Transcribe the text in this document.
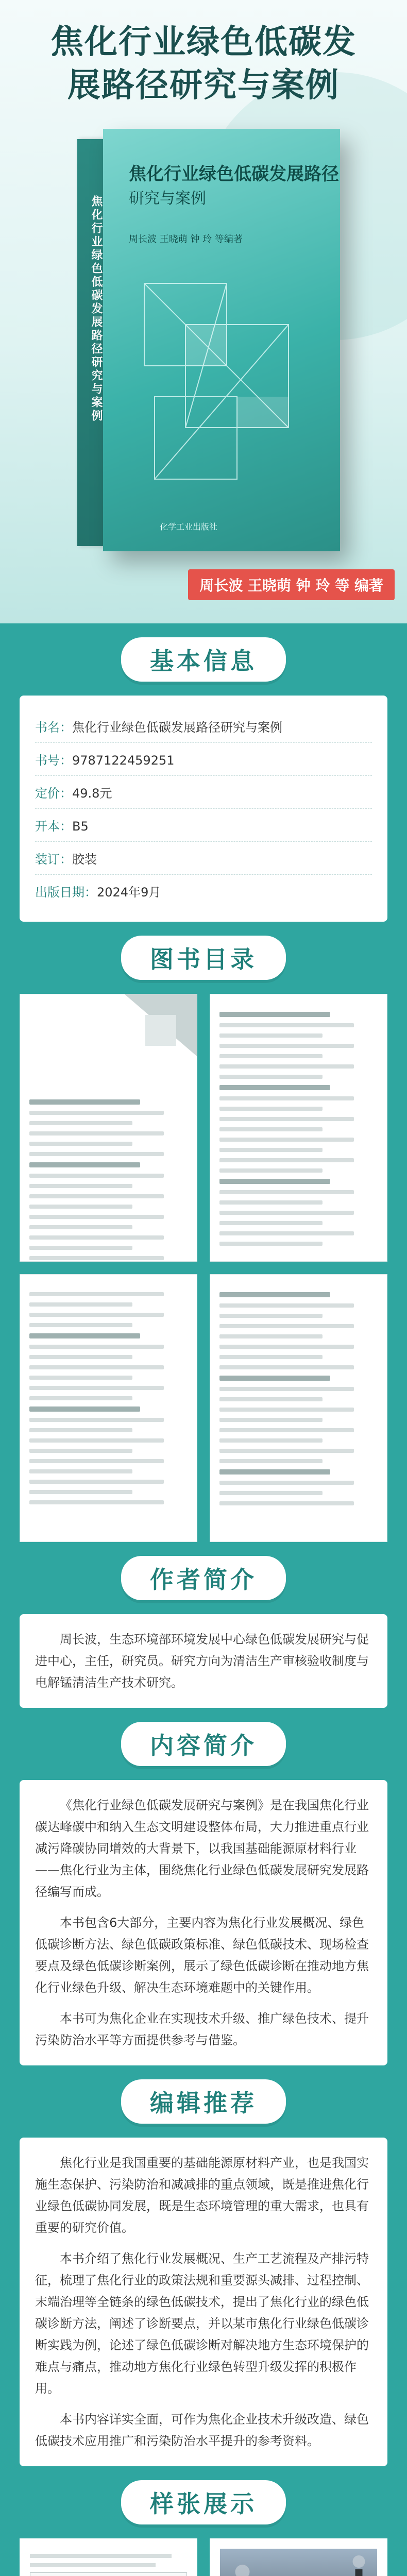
焦化行业绿色低碳发
展路径研究与案例
焦化行业绿色低碳发展路径研究与案例
焦化行业绿色低碳发展路径
研究与案例
周长波 王晓萌 钟 玲 等编著
化学工业出版社
周长波 王晓萌 钟 玲 等 编著
基本信息
书名：焦化行业绿色低碳发展路径研究与案例
书号：9787122459251
定价：49.8元
开本：B5
装订：胶装
出版日期：2024年9月
图书目录
作者简介

周长波，生态环境部环境发展中心绿色低碳发展研究与促进中心，主任，研究员。研究方向为清洁生产审核验收制度与电解锰清洁生产技术研究。

内容简介

《焦化行业绿色低碳发展研究与案例》是在我国焦化行业碳达峰碳中和纳入生态文明建设整体布局，大力推进重点行业减污降碳协同增效的大背景下，以我国基础能源原材料行业——焦化行业为主体，围绕焦化行业绿色低碳发展研究发展路径编写而成。

本书包含6大部分，主要内容为焦化行业发展概况、绿色低碳诊断方法、绿色低碳政策标准、绿色低碳技术、现场检查要点及绿色低碳诊断案例，展示了绿色低碳诊断在推动地方焦化行业绿色升级、解决生态环境难题中的关键作用。

本书可为焦化企业在实现技术升级、推广绿色技术、提升污染防治水平等方面提供参考与借鉴。

编辑推荐

焦化行业是我国重要的基础能源原材料产业，也是我国实施生态保护、污染防治和减减排的重点领域，既是推进焦化行业绿色低碳协同发展，既是生态环境管理的重大需求，也具有重要的研究价值。

本书介绍了焦化行业发展概况、生产工艺流程及产排污特征，梳理了焦化行业的政策法规和重要源头减排、过程控制、末端治理等全链条的绿色低碳技术，提出了焦化行业的绿色低碳诊断方法，阐述了诊断要点，并以某市焦化行业绿色低碳诊断实践为例，论述了绿色低碳诊断对解决地方生态环境保护的难点与痛点，推动地方焦化行业绿色转型升级发挥的积极作用。

本书内容详实全面，可作为焦化企业技术升级改造、绿色低碳技术应用推广和污染防治水平提升的参考资料。

样张展示
